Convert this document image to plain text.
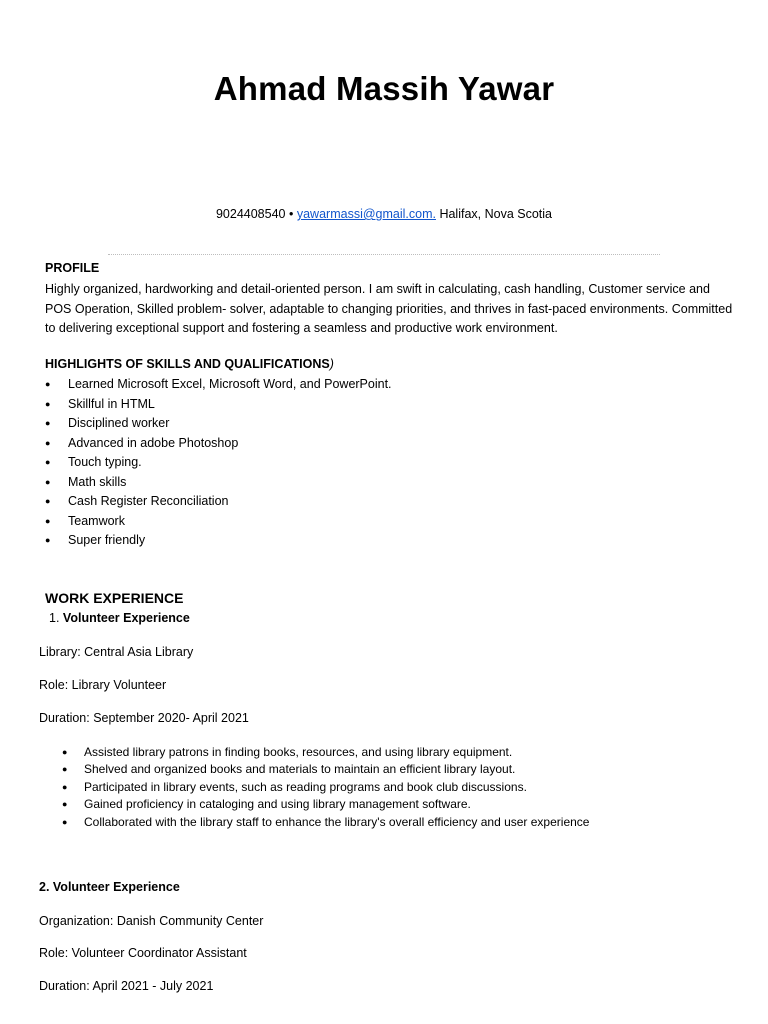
Ahmad Massih Yawar
9024408540 • yawarmassi@gmail.com. Halifax, Nova Scotia
PROFILE

Highly organized, hardworking and detail-oriented person. I am swift in calculating, cash handling, Customer service and POS Operation, Skilled problem- solver, adaptable to changing priorities, and thrives in fast-paced environments. Committed to delivering exceptional support and fostering a seamless and productive work environment.

HIGHLIGHTS OF SKILLS AND QUALIFICATIONS)
● Learned Microsoft Excel, Microsoft Word, and PowerPoint.
● Skillful in HTML
● Disciplined worker
● Advanced in adobe Photoshop
● Touch typing.
● Math skills
● Cash Register Reconciliation
● Teamwork
● Super friendly
WORK EXPERIENCE
1. Volunteer Experience
Library: Central Asia Library
Role: Library Volunteer
Duration: September 2020- April 2021
● Assisted library patrons in finding books, resources, and using library equipment.
● Shelved and organized books and materials to maintain an efficient library layout.
● Participated in library events, such as reading programs and book club discussions.
● Gained proficiency in cataloging and using library management software.
● Collaborated with the library staff to enhance the library's overall efficiency and user experience
2. Volunteer Experience
Organization: Danish Community Center
Role: Volunteer Coordinator Assistant
Duration: April 2021 - July 2021
